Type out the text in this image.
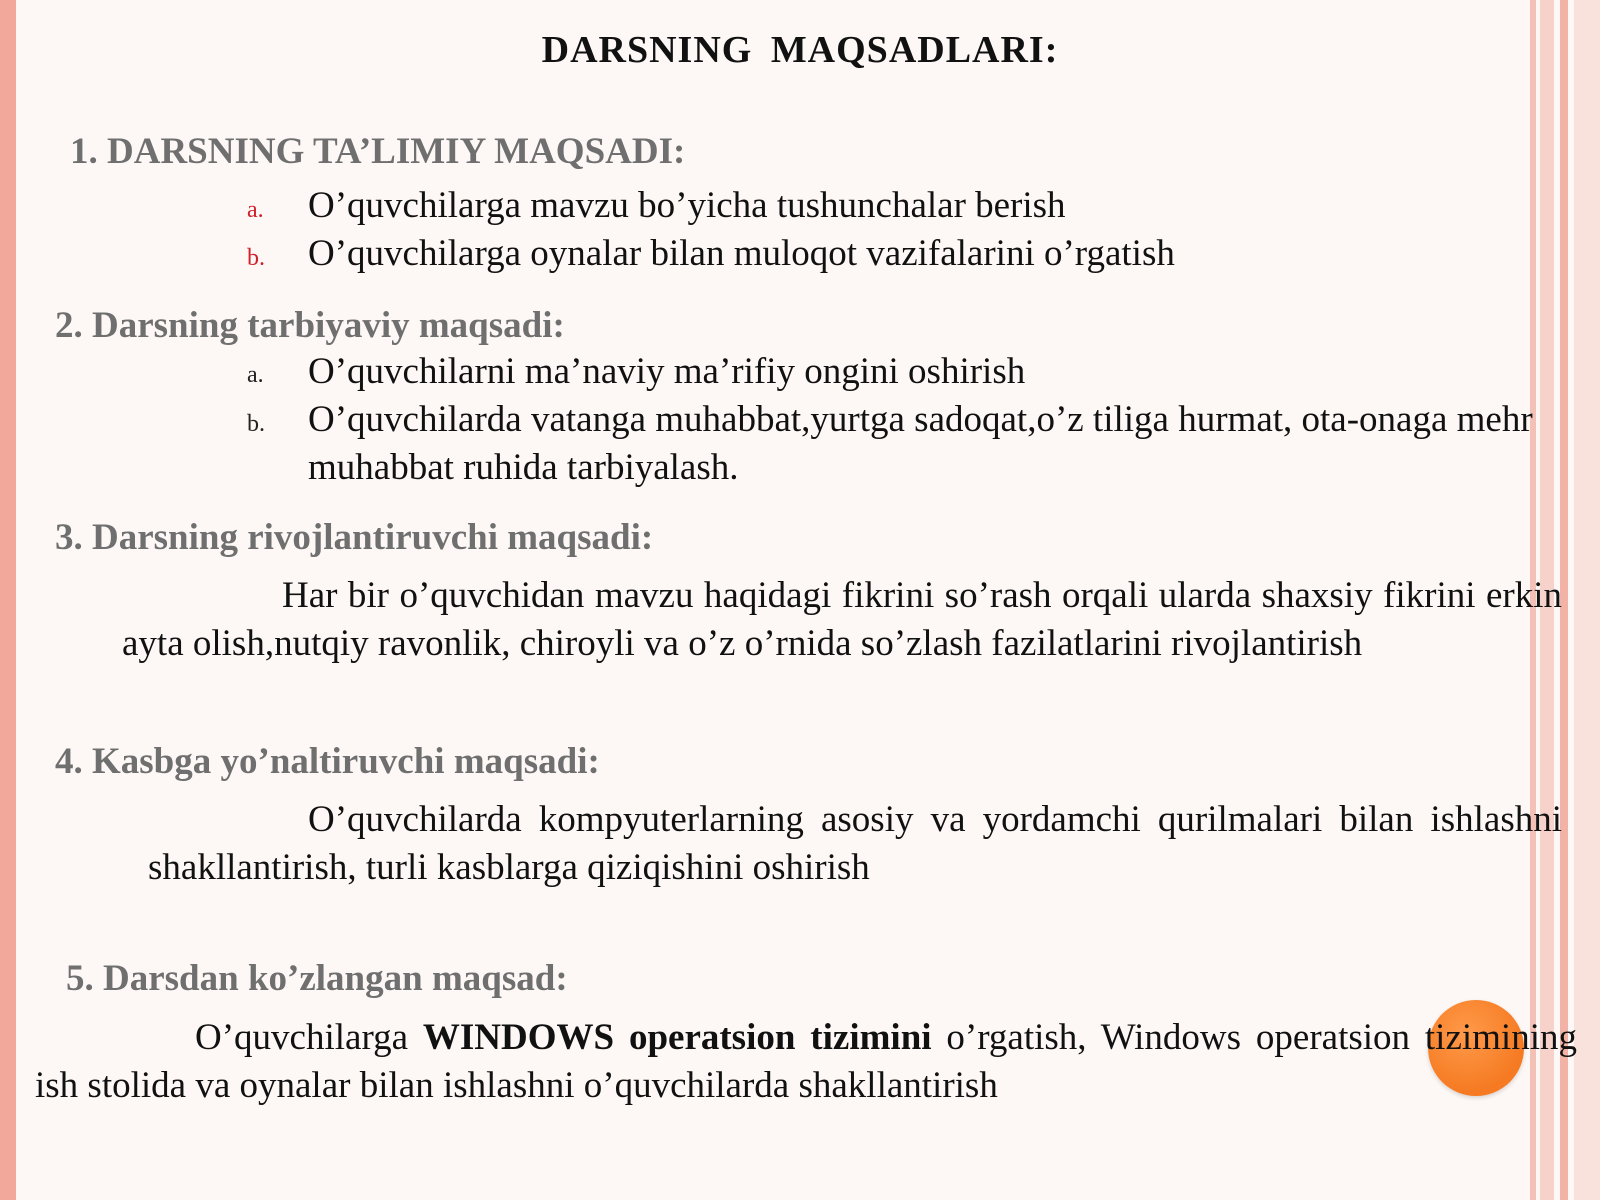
DARSNING MAQSADLARI:
1. DARSNING TA’LIMIY MAQSADI:
a. O’quvchilarga mavzu bo’yicha tushunchalar berish
b. O’quvchilarga oynalar bilan muloqot vazifalarini o’rgatish
2. Darsning tarbiyaviy maqsadi:
a. O’quvchilarni ma’naviy ma’rifiy ongini oshirish
b. O’quvchilarda vatanga muhabbat,yurtga sadoqat,o’z tiliga hurmat, ota-onaga mehr muhabbat ruhida tarbiyalash.
3. Darsning rivojlantiruvchi maqsadi:
Har bir o’quvchidan mavzu haqidagi fikrini so’rash orqali ularda shaxsiy fikrini erkin ayta olish,nutqiy ravonlik, chiroyli va o’z o’rnida so’zlash fazilatlarini rivojlantirish
4. Kasbga yo’naltiruvchi maqsadi:
O’quvchilarda kompyuterlarning asosiy va yordamchi qurilmalari bilan ishlashni shakllantirish, turli kasblarga qiziqishini oshirish
5. Darsdan ko’zlangan maqsad:
O’quvchilarga WINDOWS operatsion tizimini o’rgatish, Windows operatsion tizimining ish stolida va oynalar bilan ishlashni o’quvchilarda shakllantirish
